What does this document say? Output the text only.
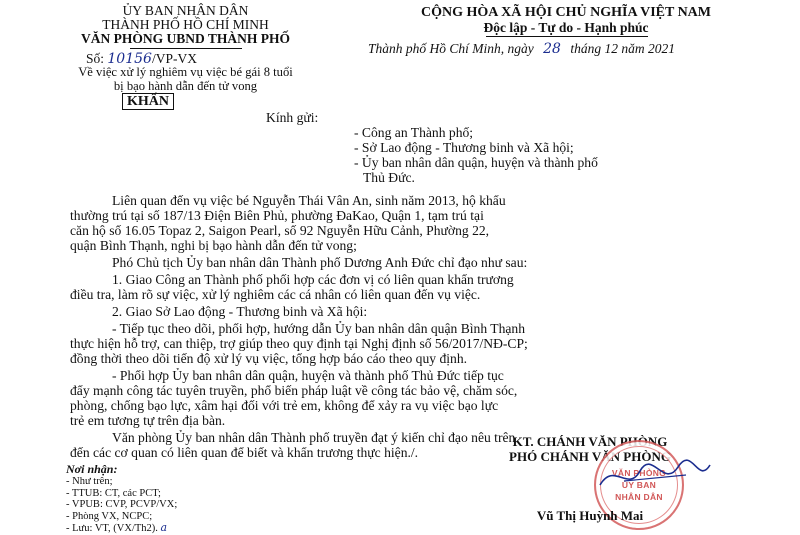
ỦY BAN NHÂN DÂN
THÀNH PHỐ HỒ CHÍ MINH
VĂN PHÒNG UBND THÀNH PHỐ
Số: 10156/VP-VX
Về việc xử lý nghiêm vụ việc bé gái 8 tuổi
bị bạo hành dẫn đến tử vong
KHẨN
CỘNG HÒA XÃ HỘI CHỦ NGHĨA VIỆT NAM
Độc lập - Tự do - Hạnh phúc
Thành phố Hồ Chí Minh, ngày 28 tháng 12 năm 2021
Kính gửi:
- Công an Thành phố;
- Sở Lao động - Thương binh và Xã hội;
- Ủy ban nhân dân quận, huyện và thành phố
Thủ Đức.
Liên quan đến vụ việc bé Nguyễn Thái Vân An, sinh năm 2013, hộ khẩu
thường trú tại số 187/13 Điện Biên Phủ, phường ĐaKao, Quận 1, tạm trú tại
căn hộ số 16.05 Topaz 2, Saigon Pearl, số 92 Nguyễn Hữu Cảnh, Phường 22,
quận Bình Thạnh, nghi bị bạo hành dẫn đến tử vong;
Phó Chủ tịch Ủy ban nhân dân Thành phố Dương Anh Đức chỉ đạo như sau:
1. Giao Công an Thành phố phối hợp các đơn vị có liên quan khẩn trương
điều tra, làm rõ sự việc, xử lý nghiêm các cá nhân có liên quan đến vụ việc.
2. Giao Sở Lao động - Thương binh và Xã hội:
- Tiếp tục theo dõi, phối hợp, hướng dẫn Ủy ban nhân dân quận Bình Thạnh
thực hiện hỗ trợ, can thiệp, trợ giúp theo quy định tại Nghị định số 56/2017/NĐ-CP;
đồng thời theo dõi tiến độ xử lý vụ việc, tổng hợp báo cáo theo quy định.
- Phối hợp Ủy ban nhân dân quận, huyện và thành phố Thủ Đức tiếp tục
đẩy mạnh công tác tuyên truyền, phổ biến pháp luật về công tác bảo vệ, chăm sóc,
phòng, chống bạo lực, xâm hại đối với trẻ em, không để xảy ra vụ việc bạo lực
trẻ em tương tự trên địa bàn.
Văn phòng Ủy ban nhân dân Thành phố truyền đạt ý kiến chỉ đạo nêu trên
đến các cơ quan có liên quan để biết và khẩn trương thực hiện./.
Nơi nhận:
- Như trên;
- TTUB: CT, các PCT;
- VPUB: CVP, PCVP/VX;
- Phòng VX, NCPC;
- Lưu: VT, (VX/Th2). a
KT. CHÁNH VĂN PHÒNG
PHÓ CHÁNH VĂN PHÒNG
VĂN PHÒNG
ỦY BAN
NHÂN DÂN
Vũ Thị Huỳnh Mai
